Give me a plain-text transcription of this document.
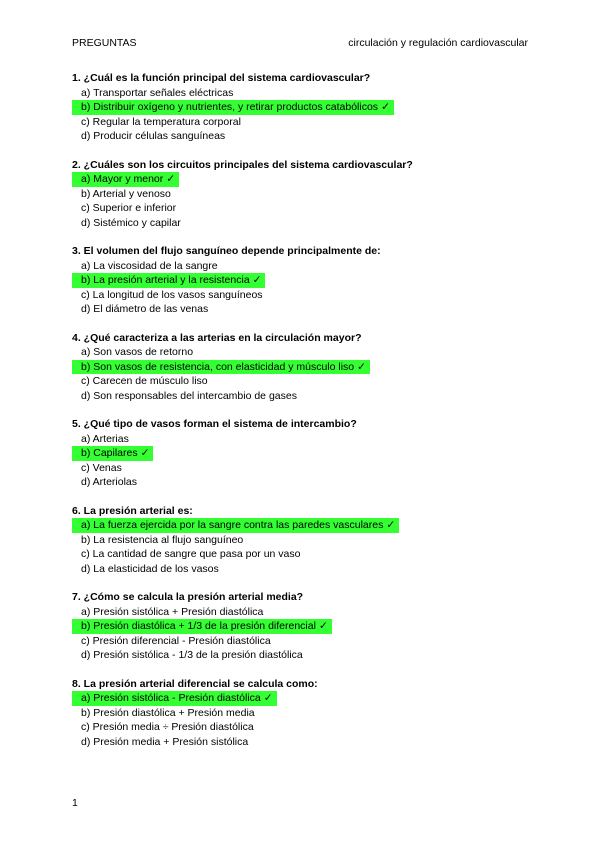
PREGUNTAS	circulación y regulación cardiovascular
1. ¿Cuál es la función principal del sistema cardiovascular?
a) Transportar señales eléctricas
b) Distribuir oxígeno y nutrientes, y retirar productos catabólicos ✓
c) Regular la temperatura corporal
d) Producir células sanguíneas
2. ¿Cuáles son los circuitos principales del sistema cardiovascular?
a) Mayor y menor ✓
b) Arterial y venoso
c) Superior e inferior
d) Sistémico y capilar
3. El volumen del flujo sanguíneo depende principalmente de:
a) La viscosidad de la sangre
b) La presión arterial y la resistencia ✓
c) La longitud de los vasos sanguíneos
d) El diámetro de las venas
4. ¿Qué caracteriza a las arterias en la circulación mayor?
a) Son vasos de retorno
b) Son vasos de resistencia, con elasticidad y músculo liso ✓
c) Carecen de músculo liso
d) Son responsables del intercambio de gases
5. ¿Qué tipo de vasos forman el sistema de intercambio?
a) Arterias
b) Capilares ✓
c) Venas
d) Arteriolas
6. La presión arterial es:
a) La fuerza ejercida por la sangre contra las paredes vasculares ✓
b) La resistencia al flujo sanguíneo
c) La cantidad de sangre que pasa por un vaso
d) La elasticidad de los vasos
7. ¿Cómo se calcula la presión arterial media?
a) Presión sistólica + Presión diastólica
b) Presión diastólica + 1/3 de la presión diferencial ✓
c) Presión diferencial - Presión diastólica
d) Presión sistólica - 1/3 de la presión diastólica
8. La presión arterial diferencial se calcula como:
a) Presión sistólica - Presión diastólica ✓
b) Presión diastólica + Presión media
c) Presión media ÷ Presión diastólica
d) Presión media + Presión sistólica
1
